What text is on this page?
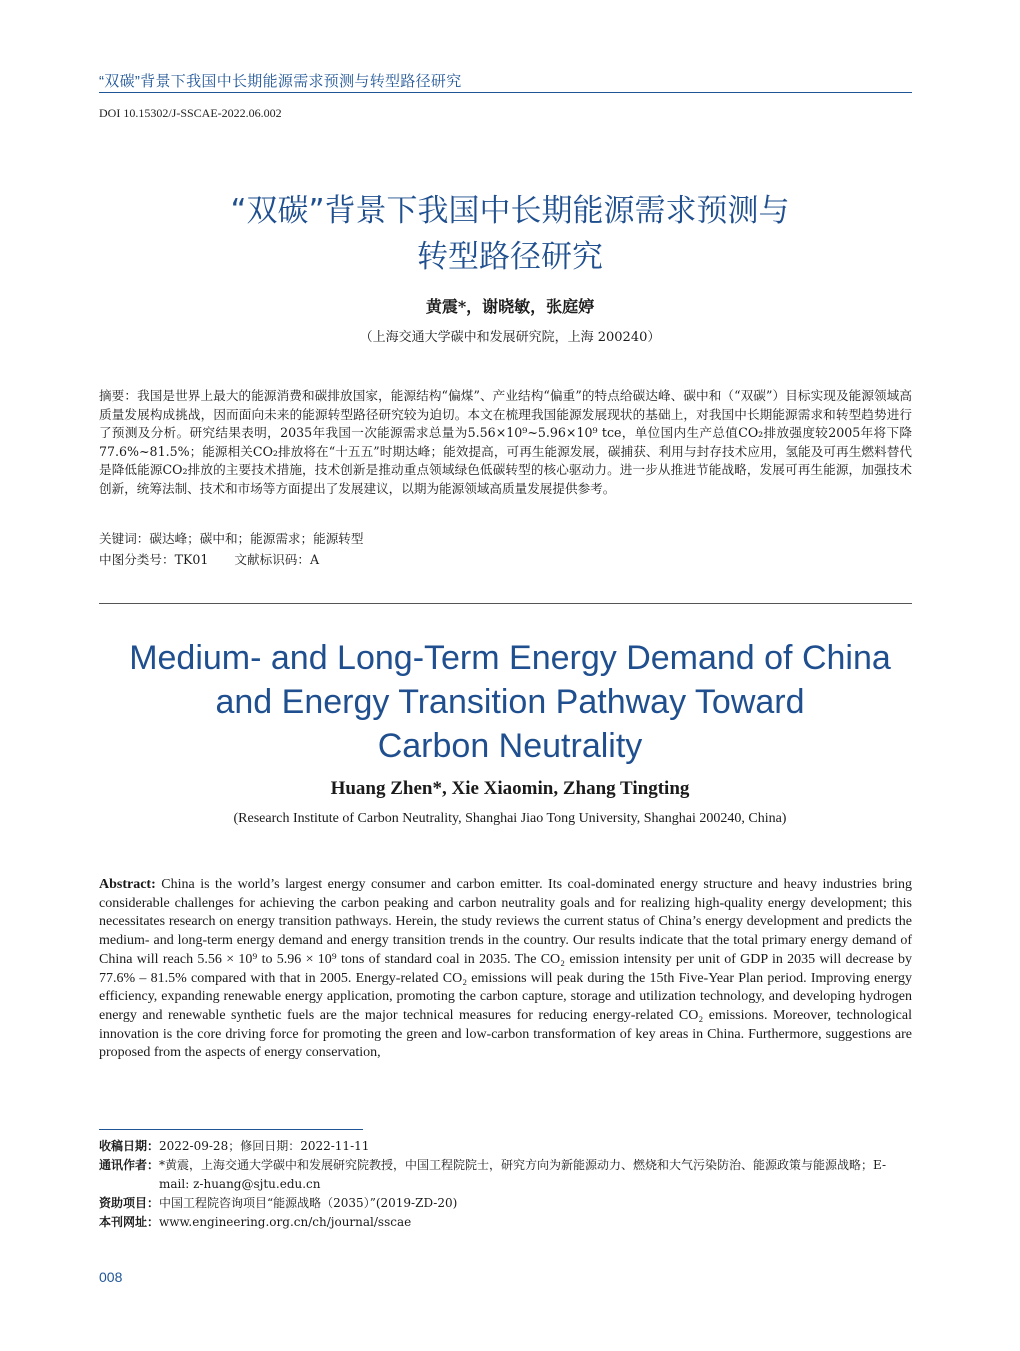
“双碳”背景下我国中长期能源需求预测与转型路径研究
DOI 10.15302/J-SSCAE-2022.06.002
“双碳”背景下我国中长期能源需求预测与
转型路径研究
黄震*，谢晓敏，张庭婷
（上海交通大学碳中和发展研究院，上海 200240）
摘要：我国是世界上最大的能源消费和碳排放国家，能源结构“偏煤”、产业结构“偏重”的特点给碳达峰、碳中和（“双碳”）目标实现及能源领域高质量发展构成挑战，因而面向未来的能源转型路径研究较为迫切。本文在梳理我国能源发展现状的基础上，对我国中长期能源需求和转型趋势进行了预测及分析。研究结果表明，2035年我国一次能源需求总量为5.56×10⁹~5.96×10⁹ tce，单位国内生产总值CO₂排放强度较2005年将下降77.6%~81.5%；能源相关CO₂排放将在“十五五”时期达峰；能效提高，可再生能源发展，碳捕获、利用与封存技术应用，氢能及可再生燃料替代是降低能源CO₂排放的主要技术措施，技术创新是推动重点领域绿色低碳转型的核心驱动力。进一步从推进节能战略，发展可再生能源，加强技术创新，统筹法制、技术和市场等方面提出了发展建议，以期为能源领域高质量发展提供参考。
关键词：碳达峰；碳中和；能源需求；能源转型
中图分类号：TK01 文献标识码：A
Medium- and Long-Term Energy Demand of China
and Energy Transition Pathway Toward
Carbon Neutrality
Huang Zhen*, Xie Xiaomin, Zhang Tingting
(Research Institute of Carbon Neutrality, Shanghai Jiao Tong University, Shanghai 200240, China)
Abstract: China is the world’s largest energy consumer and carbon emitter. Its coal-dominated energy structure and heavy industries bring considerable challenges for achieving the carbon peaking and carbon neutrality goals and for realizing high-quality energy development; this necessitates research on energy transition pathways. Herein, the study reviews the current status of China’s energy development and predicts the medium- and long-term energy demand and energy transition trends in the country. Our results indicate that the total primary energy demand of China will reach 5.56 × 10⁹ to 5.96 × 10⁹ tons of standard coal in 2035. The CO₂ emission intensity per unit of GDP in 2035 will decrease by 77.6% – 81.5% compared with that in 2005. Energy-related CO₂ emissions will peak during the 15th Five-Year Plan period. Improving energy efficiency, expanding renewable energy application, promoting the carbon capture, storage and utilization technology, and developing hydrogen energy and renewable synthetic fuels are the major technical measures for reducing energy-related CO₂ emissions. Moreover, technological innovation is the core driving force for promoting the green and low-carbon transformation of key areas in China. Furthermore, suggestions are proposed from the aspects of energy conservation,
收稿日期： 2022-09-28；修回日期：2022-11-11
通讯作者： *黄震，上海交通大学碳中和发展研究院教授，中国工程院院士，研究方向为新能源动力、燃烧和大气污染防治、能源政策与能源战略；E-mail: z-huang@sjtu.edu.cn
资助项目： 中国工程院咨询项目“能源战略（2035）”(2019-ZD-20)
本刊网址： www.engineering.org.cn/ch/journal/sscae
008
